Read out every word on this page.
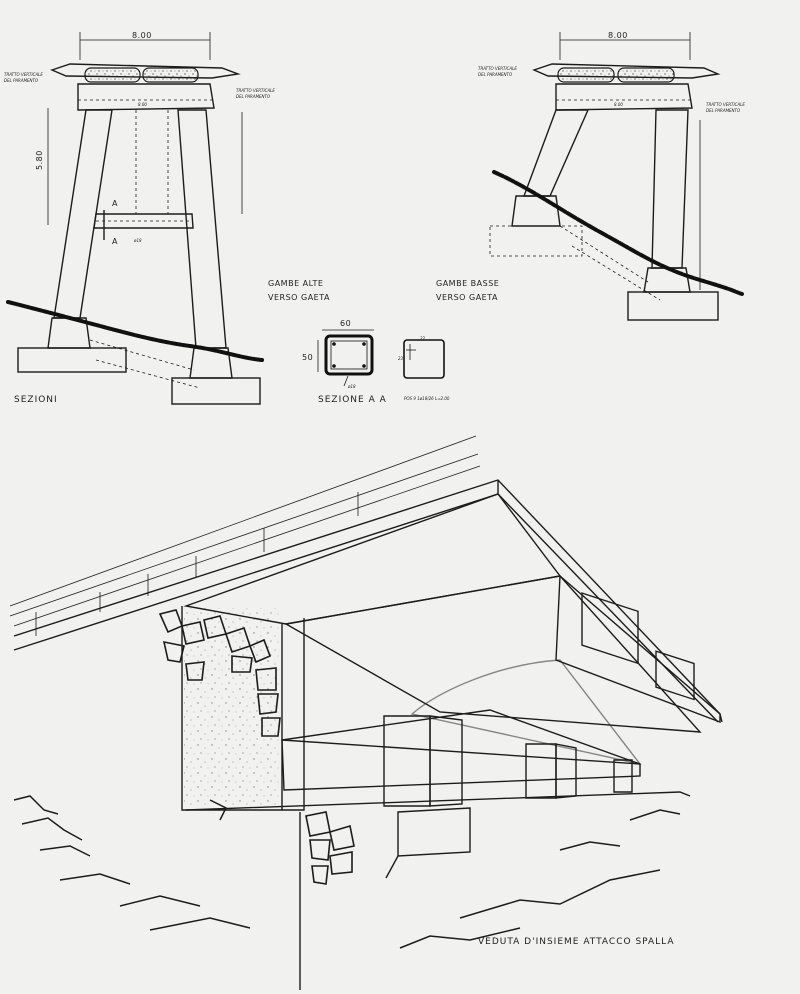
8.00
8.00
5.80
A
A	ø18
TRATTO VERTICALE
DEL PARAMENTO
TRATTO VERTICALE
DEL PARAMENTO
SEZIONI
8.00
8.00
TRATTO VERTICALE
DEL PARAMENTO
TRATTO VERTICALE
DEL PARAMENTO
GAMBE ALTE
VERSO GAETA
GAMBE BASSE
VERSO GAETA
60
50
ø18
22
23
SEZIONE A A	POS 9 1ø18/26 L=2.00
VEDUTA D'INSIEME ATTACCO SPALLA
